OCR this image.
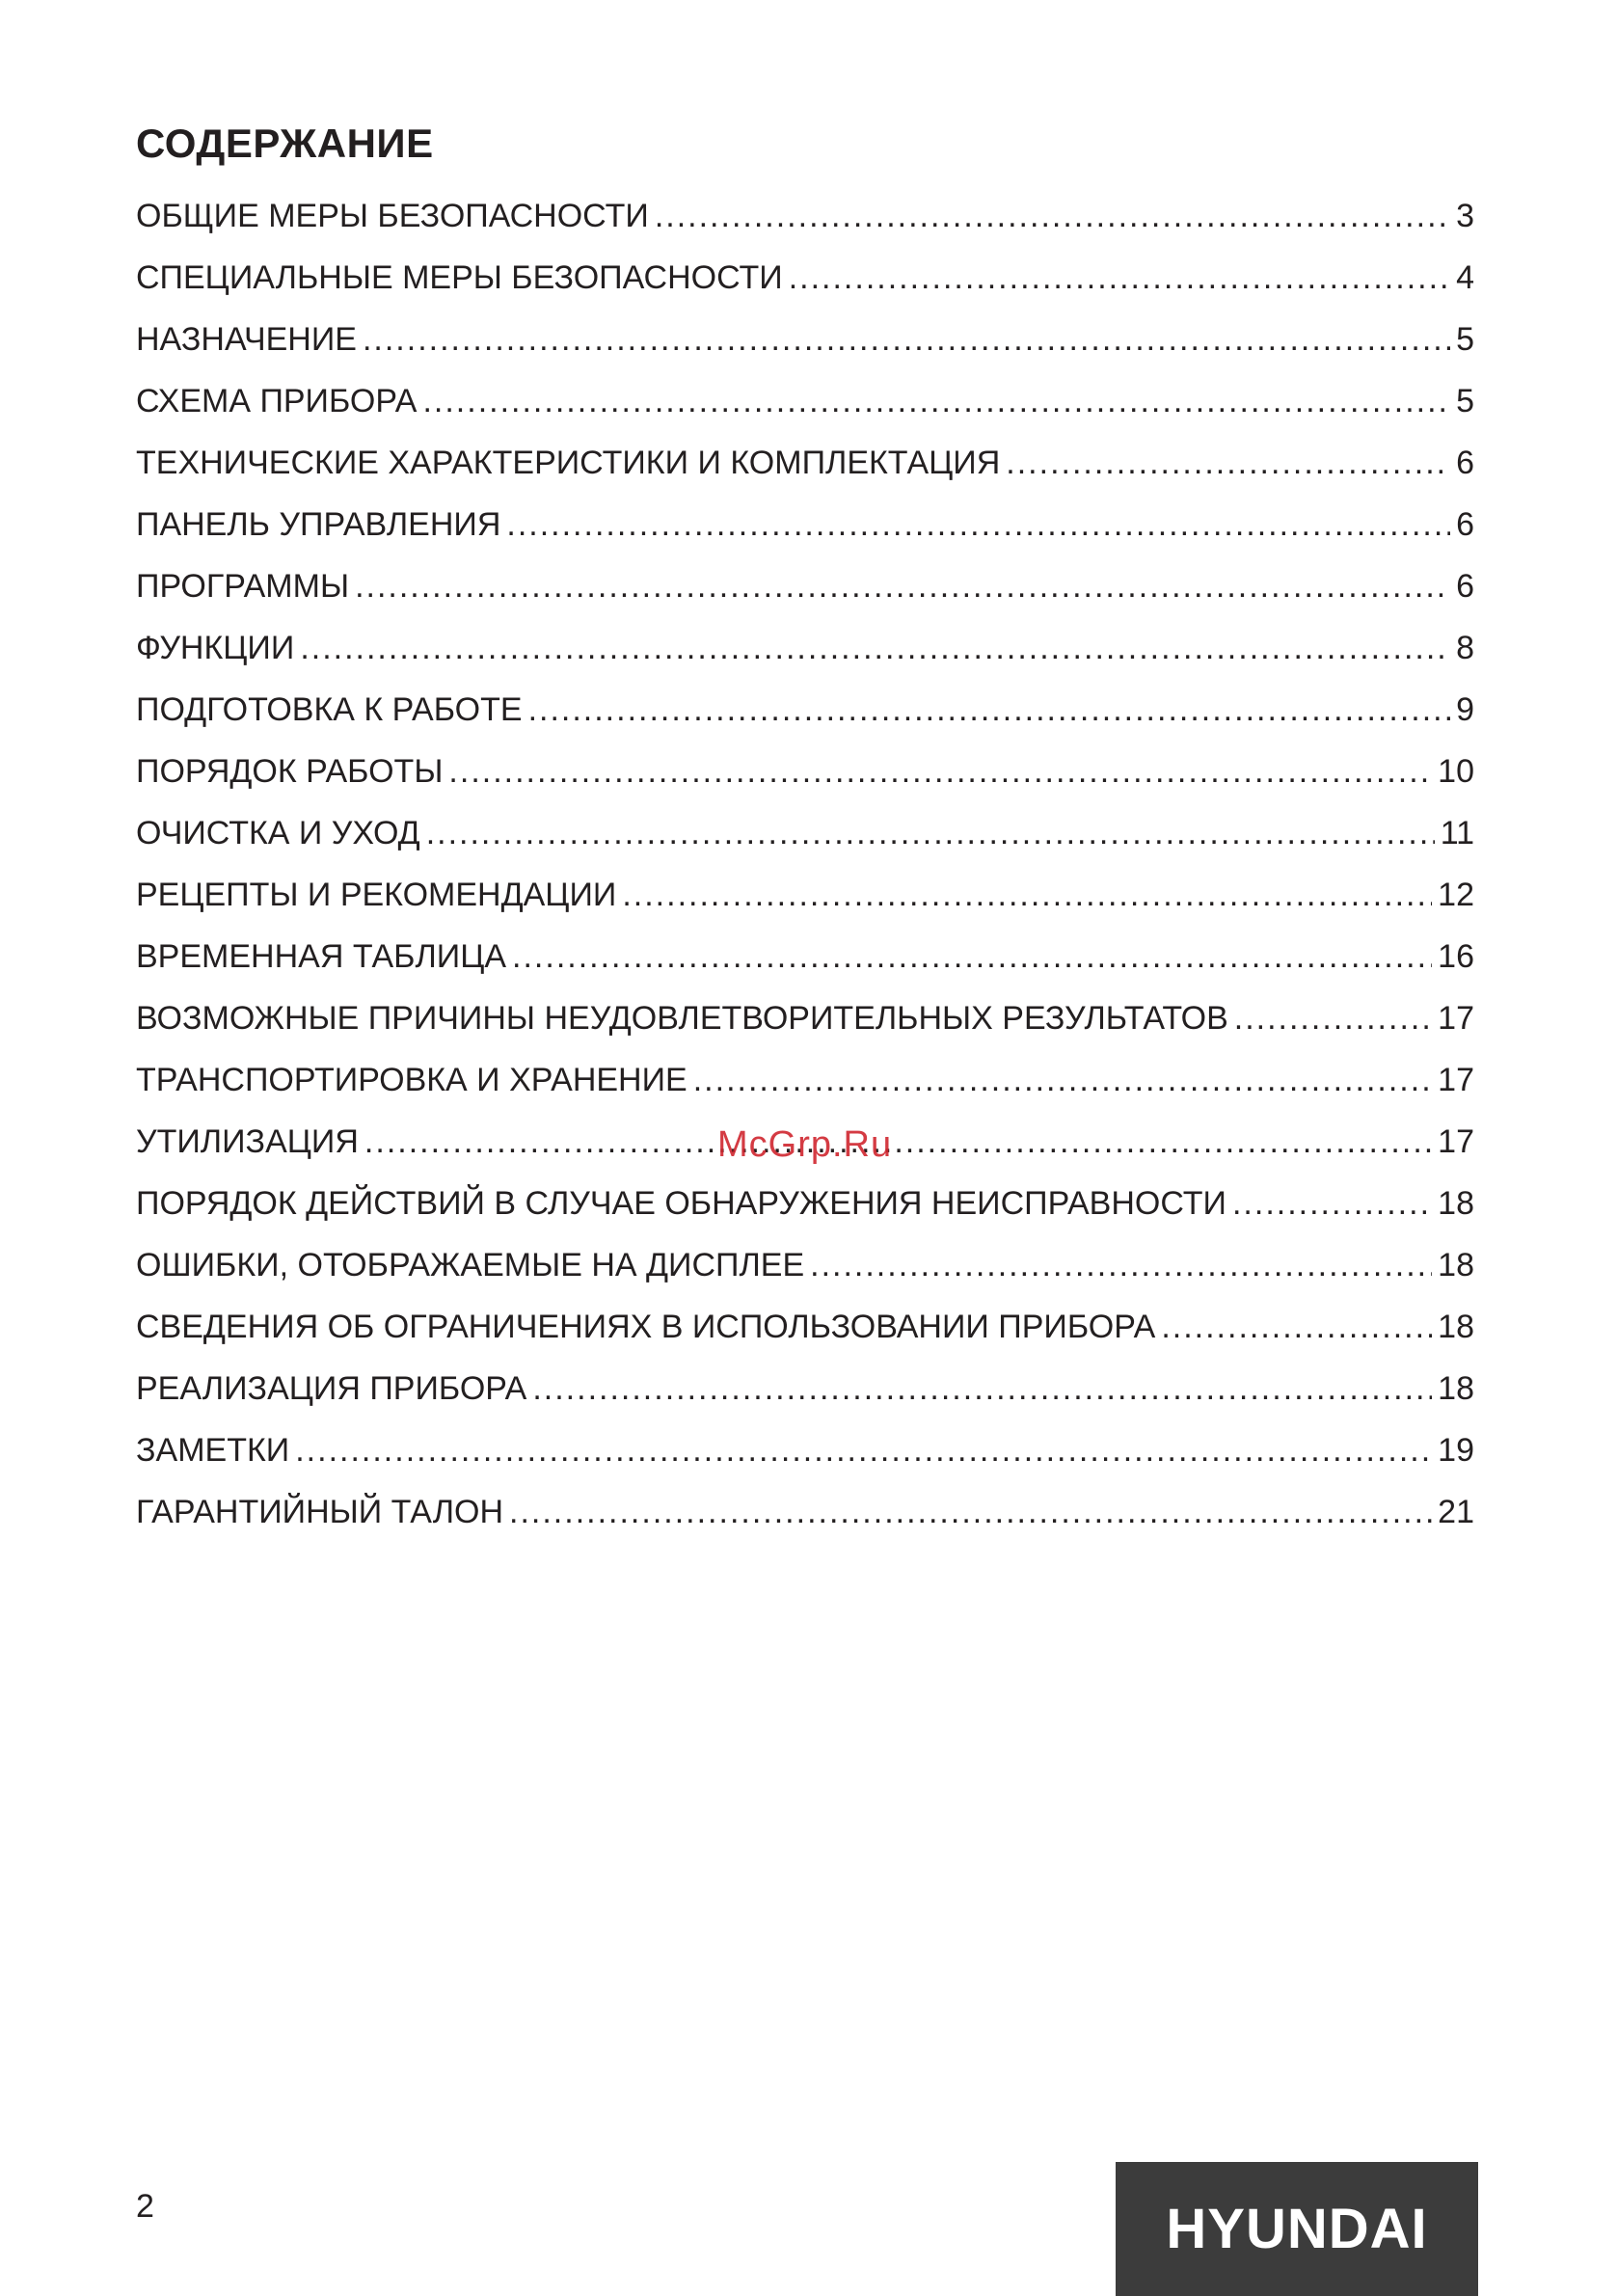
СОДЕРЖАНИЕ
ОБЩИЕ МЕРЫ БЕЗОПАСНОСТИ .....	3
СПЕЦИАЛЬНЫЕ МЕРЫ БЕЗОПАСНОСТИ .....	4
НАЗНАЧЕНИЕ .....	5
СХЕМА ПРИБОРА .....	5
ТЕХНИЧЕСКИЕ ХАРАКТЕРИСТИКИ И КОМПЛЕКТАЦИЯ .....	6
ПАНЕЛЬ УПРАВЛЕНИЯ .....	6
ПРОГРАММЫ .....	6
ФУНКЦИИ .....	8
ПОДГОТОВКА К РАБОТЕ .....	9
ПОРЯДОК РАБОТЫ .....	10
ОЧИСТКА И УХОД .....	11
РЕЦЕПТЫ И РЕКОМЕНДАЦИИ .....	12
ВРЕМЕННАЯ ТАБЛИЦА .....	16
ВОЗМОЖНЫЕ ПРИЧИНЫ НЕУДОВЛЕТВОРИТЕЛЬНЫХ РЕЗУЛЬТАТОВ .....	17
ТРАНСПОРТИРОВКА И ХРАНЕНИЕ .....	17
УТИЛИЗАЦИЯ .....	17
ПОРЯДОК ДЕЙСТВИЙ В СЛУЧАЕ ОБНАРУЖЕНИЯ НЕИСПРАВНОСТИ .....	18
ОШИБКИ, ОТОБРАЖАЕМЫЕ НА ДИСПЛЕЕ .....	18
СВЕДЕНИЯ ОБ ОГРАНИЧЕНИЯХ В ИСПОЛЬЗОВАНИИ ПРИБОРА .....	18
РЕАЛИЗАЦИЯ ПРИБОРА .....	18
ЗАМЕТКИ .....	19
ГАРАНТИЙНЫЙ ТАЛОН .....	21
McGrp.Ru
2	HYUNDAI
